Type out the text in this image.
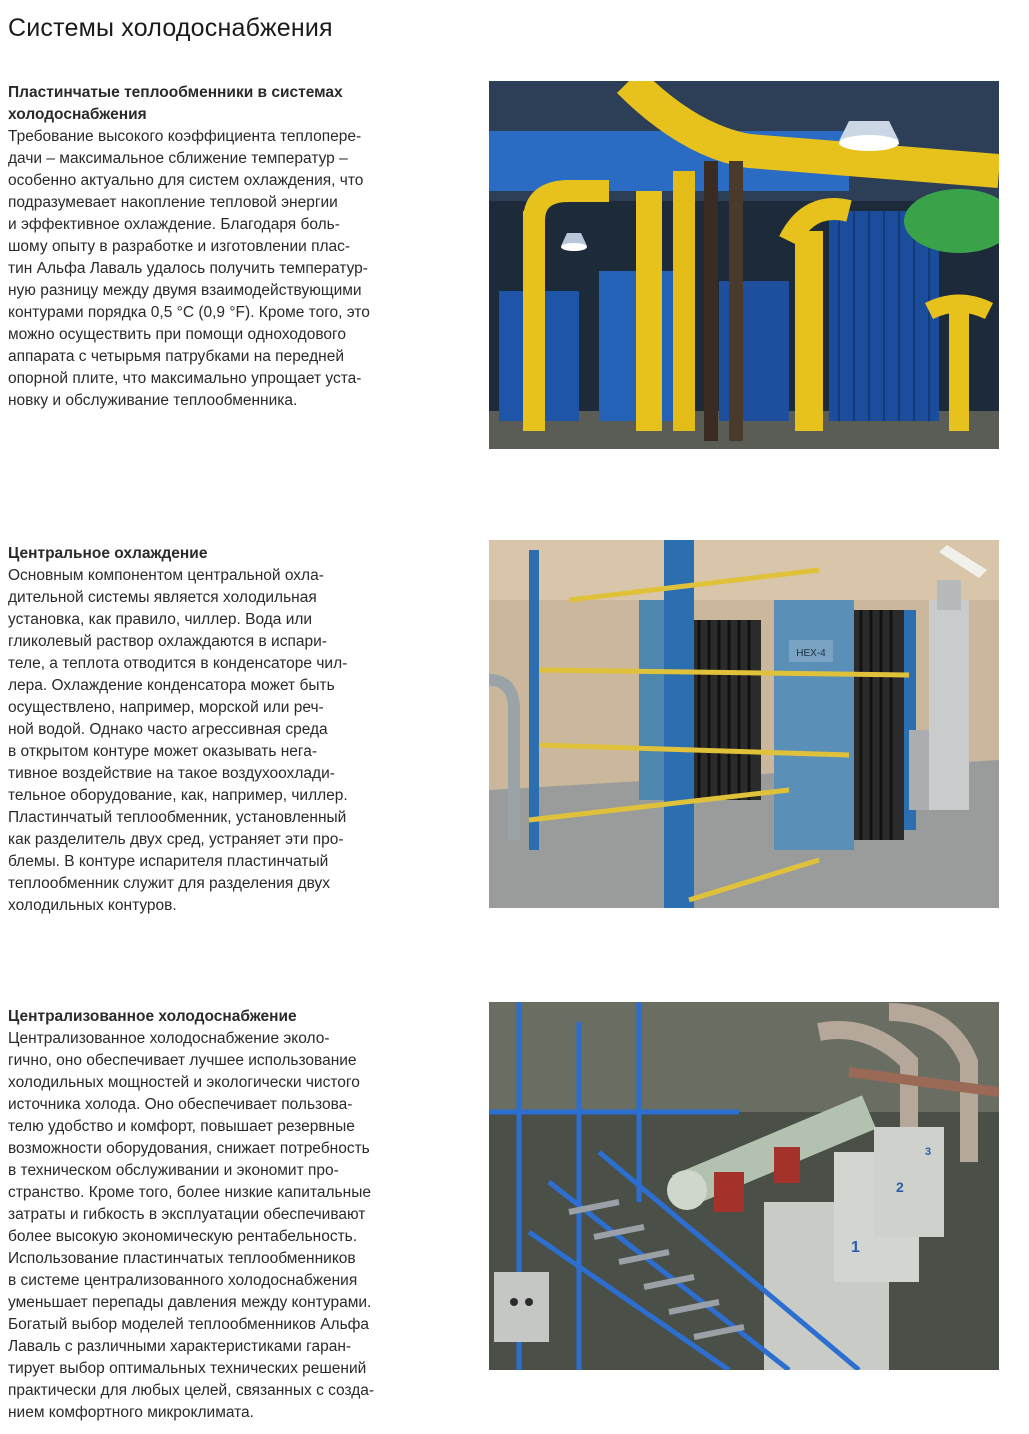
Системы холодоснабжения
Пластинчатые теплообменники в системах
холодоснабжения

Требование высокого коэффициента теплопере-
дачи – максимальное сближение температур –
особенно актуально для систем охлаждения, что
подразумевает накопление тепловой энергии
и эффективное охлаждение. Благодаря боль-
шому опыту в разработке и изготовлении плас-
тин Альфа Лаваль удалось получить температур-
ную разницу между двумя взаимодействующими
контурами порядка 0,5 °C (0,9 °F). Кроме того, это
можно осуществить при помощи одноходового
аппарата с четырьмя патрубками на передней
опорной плите, что максимально упрощает уста-
новку и обслуживание теплообменника.

Центральное охлаждение

Основным компонентом центральной охла-
дительной системы является холодильная
установка, как правило, чиллер. Вода или
гликолевый раствор охлаждаются в испари-
теле, а теплота отводится в конденсаторе чил-
лера. Охлаждение конденсатора может быть
осуществлено, например, морской или реч-
ной водой. Однако часто агрессивная среда
в открытом контуре может оказывать нега-
тивное воздействие на такое воздухоохлади-
тельное оборудование, как, например, чиллер.
Пластинчатый теплообменник, установленный
как разделитель двух сред, устраняет эти про-
блемы. В контуре испарителя пластинчатый
теплообменник служит для разделения двух
холодильных контуров.

HEX-4
Централизованное холодоснабжение

Централизованное холодоснабжение эколо-
гично, оно обеспечивает лучшее использование
холодильных мощностей и экологически чистого
источника холода. Оно обеспечивает пользова-
телю удобство и комфорт, повышает резервные
возможности оборудования, снижает потребность
в техническом обслуживании и экономит про-
странство. Кроме того, более низкие капитальные
затраты и гибкость в эксплуатации обеспечивают
более высокую экономическую рентабельность.
Использование пластинчатых теплообменников
в системе централизованного холодоснабжения
уменьшает перепады давления между контурами.
Богатый выбор моделей теплообменников Альфа
Лаваль с различными характеристиками гаран-
тирует выбор оптимальных технических решений
практически для любых целей, связанных с созда-
нием комфортного микроклимата.

1
2
3
